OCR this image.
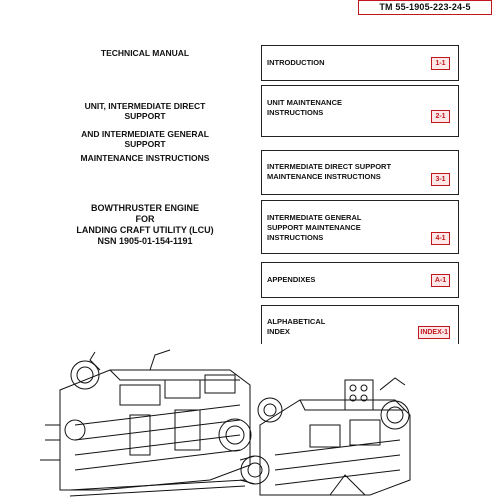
TM 55-1905-223-24-5
TECHNICAL MANUAL
UNIT, INTERMEDIATE DIRECT
SUPPORT
AND INTERMEDIATE GENERAL
SUPPORT
MAINTENANCE INSTRUCTIONS
BOWTHRUSTER ENGINE
FOR
LANDING CRAFT UTILITY (LCU)
NSN 1905-01-154-1191
INTRODUCTION	1-1
UNIT MAINTENANCE
INSTRUCTIONS	2-1
INTERMEDIATE DIRECT SUPPORT
MAINTENANCE INSTRUCTIONS	3-1
INTERMEDIATE GENERAL
SUPPORT MAINTENANCE
INSTRUCTIONS	4-1
APPENDIXES	A-1
ALPHABETICAL
INDEX	INDEX-1
